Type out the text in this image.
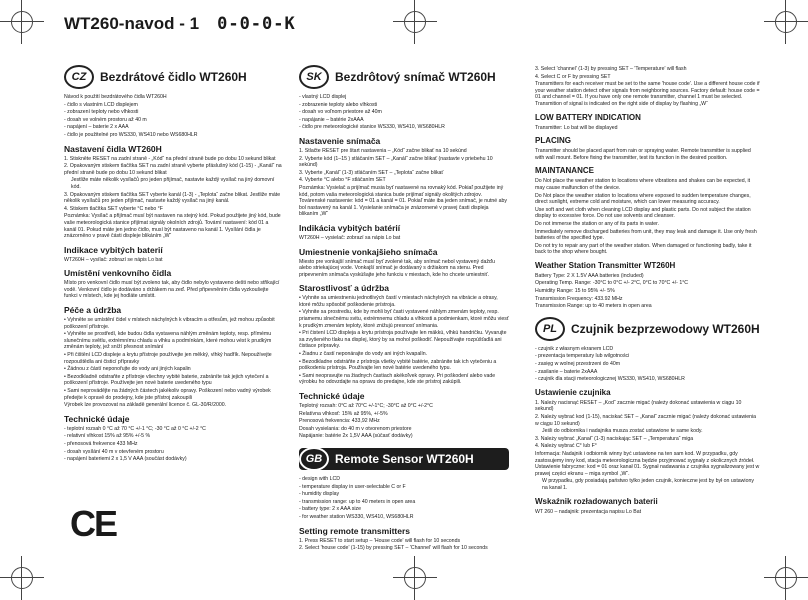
WT260-navod - 1 0-0-0-K
CZ	Bezdrátové čidlo WT260H

Návod k použití bezdrátového čidla WT260H

- čidlo s vlastním LCD displejem

- zobrazení teploty nebo vlhkosti

- dosah ve volném prostoru až 40 m

- napájení – baterie 2 x AAA

- čidlo je použitelné pro WS330, WS410 nebo WS680HLR

Nastavení čidla WT260H

1. Stiskněte RESET na zadní straně - „Kód“ na přední straně bude po dobu 10 sekund blikat

2. Opakovaným stiskem tlačítka SET na zadní straně vyberte přáslušný kód (1-15) - „Kanál“ na přední straně bude po dobu 10 sekund blikat

Jestliže máte několik vysílačů pro jeden přijímač, nastavte každý vysílač na jiný domovní kód.

3. Opakovaným stiskem tlačítka SET vyberte kanál (1-3) - „Teplota“ začne blikat. Jestliže máte několik vysílačů pro jeden přijímač, nastavte každý vysílač na jiný kanál.

4. Stiskem tlačítka SET vyberte °C nebo °F

Poznámka: Vysílač a přijímač musí být nastaven na stejný kód. Pokud použijete jiný kód, bude vaše meteorologická stanice přijímat signály okolních zdrojů. Tovární nastavení: kód 01 a kanál 01. Pokud máte jen jedno čidlo, musí být nastaveno na kanál 1. Vysílání čidla je znázorněno v pravé části displeje blikáním „W“

Indikace vybitých baterií

WT260H – vysílač: zobrazí se nápis Lo bat

Umístění venkovního čidla

Místo pro venkovní čidlo musí být zvoleno tak, aby čidlo nebylo vystaveno dešti nebo střikající vodě. Venkovní čidlo je dodáváno s držákem na zeď. Před připevněním čidla vyzkoušejte funkci v místech, kde jej hodláte umístit.

Péče a údržba

• Vyhněte se umístění čidel v místech náchylných k vibracím a otřesům, jež mohou způsobit poškození přístroje.

• Vyhněte se prostředí, kde budou čidla vystavena náhlým změnám teploty, resp. přímému slunečnímu světlu, extrémnímu chladu a vlhku a podmínkám, které mohou vést k prudkým změnám teploty, jež sníží přesnost snímání

• Při čištění LCD displeje a krytu přístroje používejte jen měkký, vlhký hadřík. Nepoužívejte rozpouštědla ani čisticí přípravky

• Žádnou z částí neponořujte do vody ani jiných kapalin

• Bezodkladně odstraňte z přístroje všechny vybité baterie, zabráníte tak jejich vytečení a poškození přístroje. Používejte jen nové baterie uvedeného typu

• Sami neprovádějte na žádných částech jakékoliv opravy. Poškození nebo vadný výrobek předejte k opravě do prodejny, kde jste přístroj zakoupili

Výrobek lze provozovat na základě generální licence č. GL-30/R/2000.

Technické údaje

- teplotní rozsah 0 °C až 70 °C +/-1 °C; -30 °C až 0 °C +/-2 °C

- relativní vlhkost 15% až 95% +/-5 %

- přenosová frekvence 433 MHz

- dosah vysílání 40 m v otevřeném prostoru

- napájení bateriemi 2 x 1,5 V AAA (součást dodávky)

CE
SK	Bezdrôtový snímač WT260H

- vlastný LCD displej

- zobrazenie teploty alebo vlhkosti

- dosah vo voľnom priestore až 40m

- napájanie – batérie 2xAAA

- čidlo pre meteorologické stanice WS330, WS410, WS680HLR

Nastavenie snímača

1. Stlačte RESET pre štart nastavenia – „Kód“ začne blikať na 10 sekúnd

2. Vyberte kód (1–15 ) stláčaním SET – „Kanál“ začne blikať (nastavte v priebehu 10 sekúnd)

3. Vyberte „Kanál“ (1-3) stláčaním SET – „Teplota“ začne blikať

4. Vyberte °C alebo °F stláčaním SET

Poznámka: Vysielač a prijímač musia byť nastavené na rovnaký kód. Pokiaľ použijete iný kód, potom vaša meteorologická stanica bude prijímať signály okolitých zdrojov. Továrenské nastavenie: kód = 01 a kanál = 01. Pokiaľ máte iba jeden snímač, je nutné aby bol nastavený na kanál 1. Vysielanie snímača je znázornené v pravej časti displeja blikaním „W“

Indikácia vybitých batérií

WT260H – vysielač: zobrazí sa nápis Lo bat

Umiestnenie vonkajšieho snímača

Miesto pre vonkajší snímač musí byť zvolené tak, aby snímač nebol vystavený dažďu alebo striekajúcej vode. Vonkajší snímač je dodávaný s držiakom na stenu. Pred pripevnením snímača vyskúšajte jeho funkciu v miestach, kde ho chcete umiestniť.

Starostlivosť a údržba

• Vyhnite sa umiestneniu jednotlivých častí v miestach náchylných na vibrácie a otrasy, ktoré môžu spôsobiť poškodenie prístroja.

• Vyhnite sa prostrediu, kde by mohli byť časti vystavené náhlym zmenám teploty, resp. priamemu slnečnému svitu, extrémnemu chladu a vlhkosti a podmienkam, ktoré môžu viesť k prudkým zmenám teploty, ktoré znižujú presnosť snímania.

• Pri čistení LCD displeja a krytu prístroja používajte len mäkkú, vlhkú handričku. Vyvarujte sa zvyšeného tlaku na displej, ktorý by sa mohol poškodiť. Nepoužívajte rozpúšťadlá ani čistiace prípravky.

• Žiadnu z častí neponárajte do vody ani iných kvapalín.

• Bezodkladne odstráňte z prístroja všetky vybité batérie, zabránite tak ich vytečeniu a poškodeniu prístroja. Používajte len nové batérie uvedeného typu.

• Sami neopravujte na žiadnych častiach akékoľvek opravy. Pri poškodení alebo vade výrobku ho odovzdajte na opravu do predajne, kde ste prístroj zakúpili.

Technické údaje

Teplotný rozsah: 0°C až 70°C +/-1°C; -30°C až 0°C +/-2°C

Relatívna vlhkosť: 15% až 95%, +/-5%

Prenosová frekvencia: 433,92 MHz

Dosah vysielania: do 40 m v otvorenom priestore

Napájanie: batérie 2x 1,5V AAA (súčasť dodávky)

GB	Remote Sensor WT260H

- design with LCD

- temperature display in user-selectable C or F

- humidity display

- transmission range: up to 40 meters in open area

- battery type: 2 x AAA size

- for weather station WS330, WS410, WS680HLR

Setting remote transmitters

1. Press RESET to start setup – 'House code' will flash for 10 seconds

2. Select 'house code' (1-15) by pressing SET – 'Channel' will flash for 10 seconds

3. Select 'channel' (1-3) by pressing SET – 'Temperature' will flash

4. Select C or F by pressing SET

Transmitters for each receiver must be set to the same 'house code'. Use a different house code if your weather station detect other signals from neighboring sources. Factory default: house code = 01 and channel = 01. If you have only one remote transmitter, channel 1 must be selected. Transmition of signal is indicated on the right side of display by flashing „W“

LOW BATTERY INDICATION

Transmitter: Lo bat will be displayed

PLACING

Transmitter should be placed apart from rain or spraying water. Remote transmitter is supplied with wall mount. Before fixing the transmitter, test its function in the desired position.

MAINTANANCE

Do Not place the weather station to locations where vibrations and shakes can be expected, it may cause malfunction of the device.

Do Not place the weather station to locations where exposed to sudden temperature changes, direct sunlight, extreme cold and moisture, which can lower measuring accuracy.

Use soft and wet cloth when cleaning LCD display and plastic parts. Do not subject the station display to excessive force. Do not use solvents and cleanser.

Do not immerse the station or any of its parts in water.

Immediately remove discharged batteries from unit, they may leak and damage it. Use only fresh batteries of the specified type.

Do not try to repair any part of the weather station. When damaged or functioning badly, take it back to the shop where bought.

Weather Station Transmitter WT260H

Battery Type: 2 X 1.5V AAA batteries (included)

Operating Temp. Range: -30°C to 0°C +/- 2°C, 0°C to 70°C +/- 1°C

Humidity Range: 15 to 95% +/- 5%

Transmission Frequency: 433.92 MHz

Transmission Range: up to 40 meters in open area

PL	Czujnik bezprzewodowy WT260H

- czujnik z własnym ekranem LCD

- prezentacja temperatury lub wilgotności

- zasięg w wolnej przestrzeni do 40m

- zasilanie – baterie 2xAAA

- czujnik dla stacji meteorologicznej WS330, WS410, WS680HLR

Ustawienie czujnika

1. Naleźy nacisnąć RESET – „Kod“ zacznie migać (należy dokonać ustawienia w ciągu 10 sekund)

2. Naleźy wybrać kod (1-15), naciskać SET – „Kanał“ zacznie migać (należy dokonać ustawienia w ciągu 10 sekund)

Jeśli do odbiornika i nadajnika musza zostać ustawione te same kody.

3. Należy wybrać „Kanał“ (1-3) naciskając SET – „Temperatura“ miga

4. Należy wybrać C° lub F°

Informacja: Nadajnik i odbiornik winny być ustawione na ten sam kod. W przypadku, gdy zastosujemy inny kod, stacja meteorologiczna będzie przyjmować sygnały z okolicznych źródeł. Ustawienie fabryczne: kod = 01 oraz kanał 01. Sygnał nadawania z czujnika sygnalizowany jest w prawej części ekranu – miga symbol „W“.

W przypadku, gdy posiadają państwo tylko jeden czujnik, konieczne jest by był on ustawiony na kanał 1.

Wskaźnik rozładowanych baterii

WT 260 – nadajnik: prezentacja napisu Lo Bat
